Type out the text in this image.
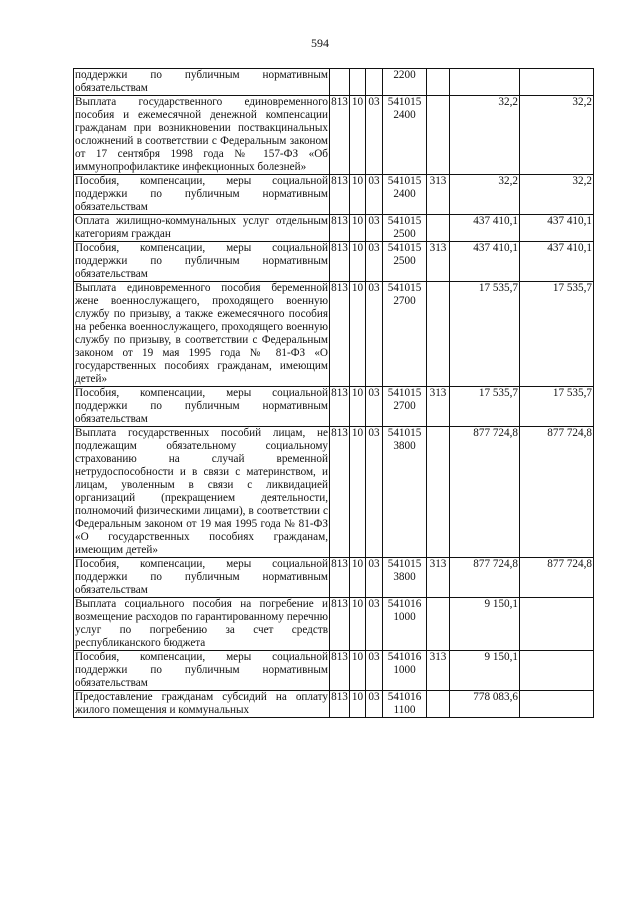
594
поддержки по публичным нормативным обязательствам				2200			
Выплата государственного единовременного пособия и ежемесячной денежной компенсации гражданам при возникновении поствакцинальных осложнений в соответствии с Федеральным законом от 17 сентября 1998 года № 157-ФЗ «Об иммунопрофилактике инфекционных болезней»	813	10	03	541015 2400		32,2	32,2
Пособия, компенсации, меры социальной поддержки по публичным нормативным обязательствам	813	10	03	541015 2400	313	32,2	32,2
Оплата жилищно-коммунальных услуг отдельным категориям граждан	813	10	03	541015 2500		437 410,1	437 410,1
Пособия, компенсации, меры социальной поддержки по публичным нормативным обязательствам	813	10	03	541015 2500	313	437 410,1	437 410,1
Выплата единовременного пособия беременной жене военнослужащего, проходящего военную службу по призыву, а также ежемесячного пособия на ребенка военнослужащего, проходящего военную службу по призыву, в соответствии с Федеральным законом от 19 мая 1995 года № 81-ФЗ «О государственных пособиях гражданам, имеющим детей»	813	10	03	541015 2700		17 535,7	17 535,7
Пособия, компенсации, меры социальной поддержки по публичным нормативным обязательствам	813	10	03	541015 2700	313	17 535,7	17 535,7
Выплата государственных пособий лицам, не подлежащим обязательному социальному страхованию на случай временной нетрудоспособности и в связи с материнством, и лицам, уволенным в связи с ликвидацией организаций (прекращением деятельности, полномочий физическими лицами), в соответствии с Федеральным законом от 19 мая 1995 года № 81-ФЗ «О государственных пособиях гражданам, имеющим детей»	813	10	03	541015 3800		877 724,8	877 724,8
Пособия, компенсации, меры социальной поддержки по публичным нормативным обязательствам	813	10	03	541015 3800	313	877 724,8	877 724,8
Выплата социального пособия на погребение и возмещение расходов по гарантированному перечню услуг по погребению за счет средств республиканского бюджета	813	10	03	541016 1000		9 150,1	
Пособия, компенсации, меры социальной поддержки по публичным нормативным обязательствам	813	10	03	541016 1000	313	9 150,1	
Предоставление гражданам субсидий на оплату жилого помещения и коммунальных	813	10	03	541016 1100		778 083,6	
